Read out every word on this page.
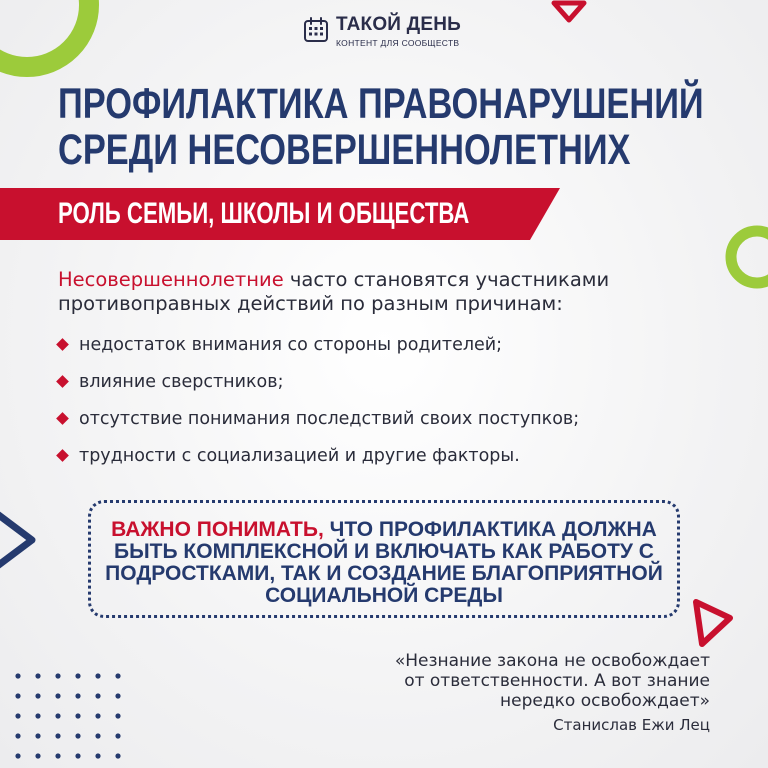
ТАКОЙ ДЕНЬ
КОНТЕНТ ДЛЯ СООБЩЕСТВ
ПРОФИЛАКТИКА ПРАВОНАРУШЕНИЙ
СРЕДИ НЕСОВЕРШЕННОЛЕТНИХ
РОЛЬ СЕМЬИ, ШКОЛЫ И ОБЩЕСТВА
Несовершеннолетние часто становятся участниками противоправных действий по разным причинам:
недостаток внимания со стороны родителей;
влияние сверстников;
отсутствие понимания последствий своих поступков;
трудности с социализацией и другие факторы.
ВАЖНО ПОНИМАТЬ, ЧТО ПРОФИЛАКТИКА ДОЛЖНА БЫТЬ КОМПЛЕКСНОЙ И ВКЛЮЧАТЬ КАК РАБОТУ С ПОДРОСТКАМИ, ТАК И СОЗДАНИЕ БЛАГОПРИЯТНОЙ СОЦИАЛЬНОЙ СРЕДЫ
«Незнание закона не освобождает
от ответственности. А вот знание
нередко освобождает»
Станислав Ежи Лец
